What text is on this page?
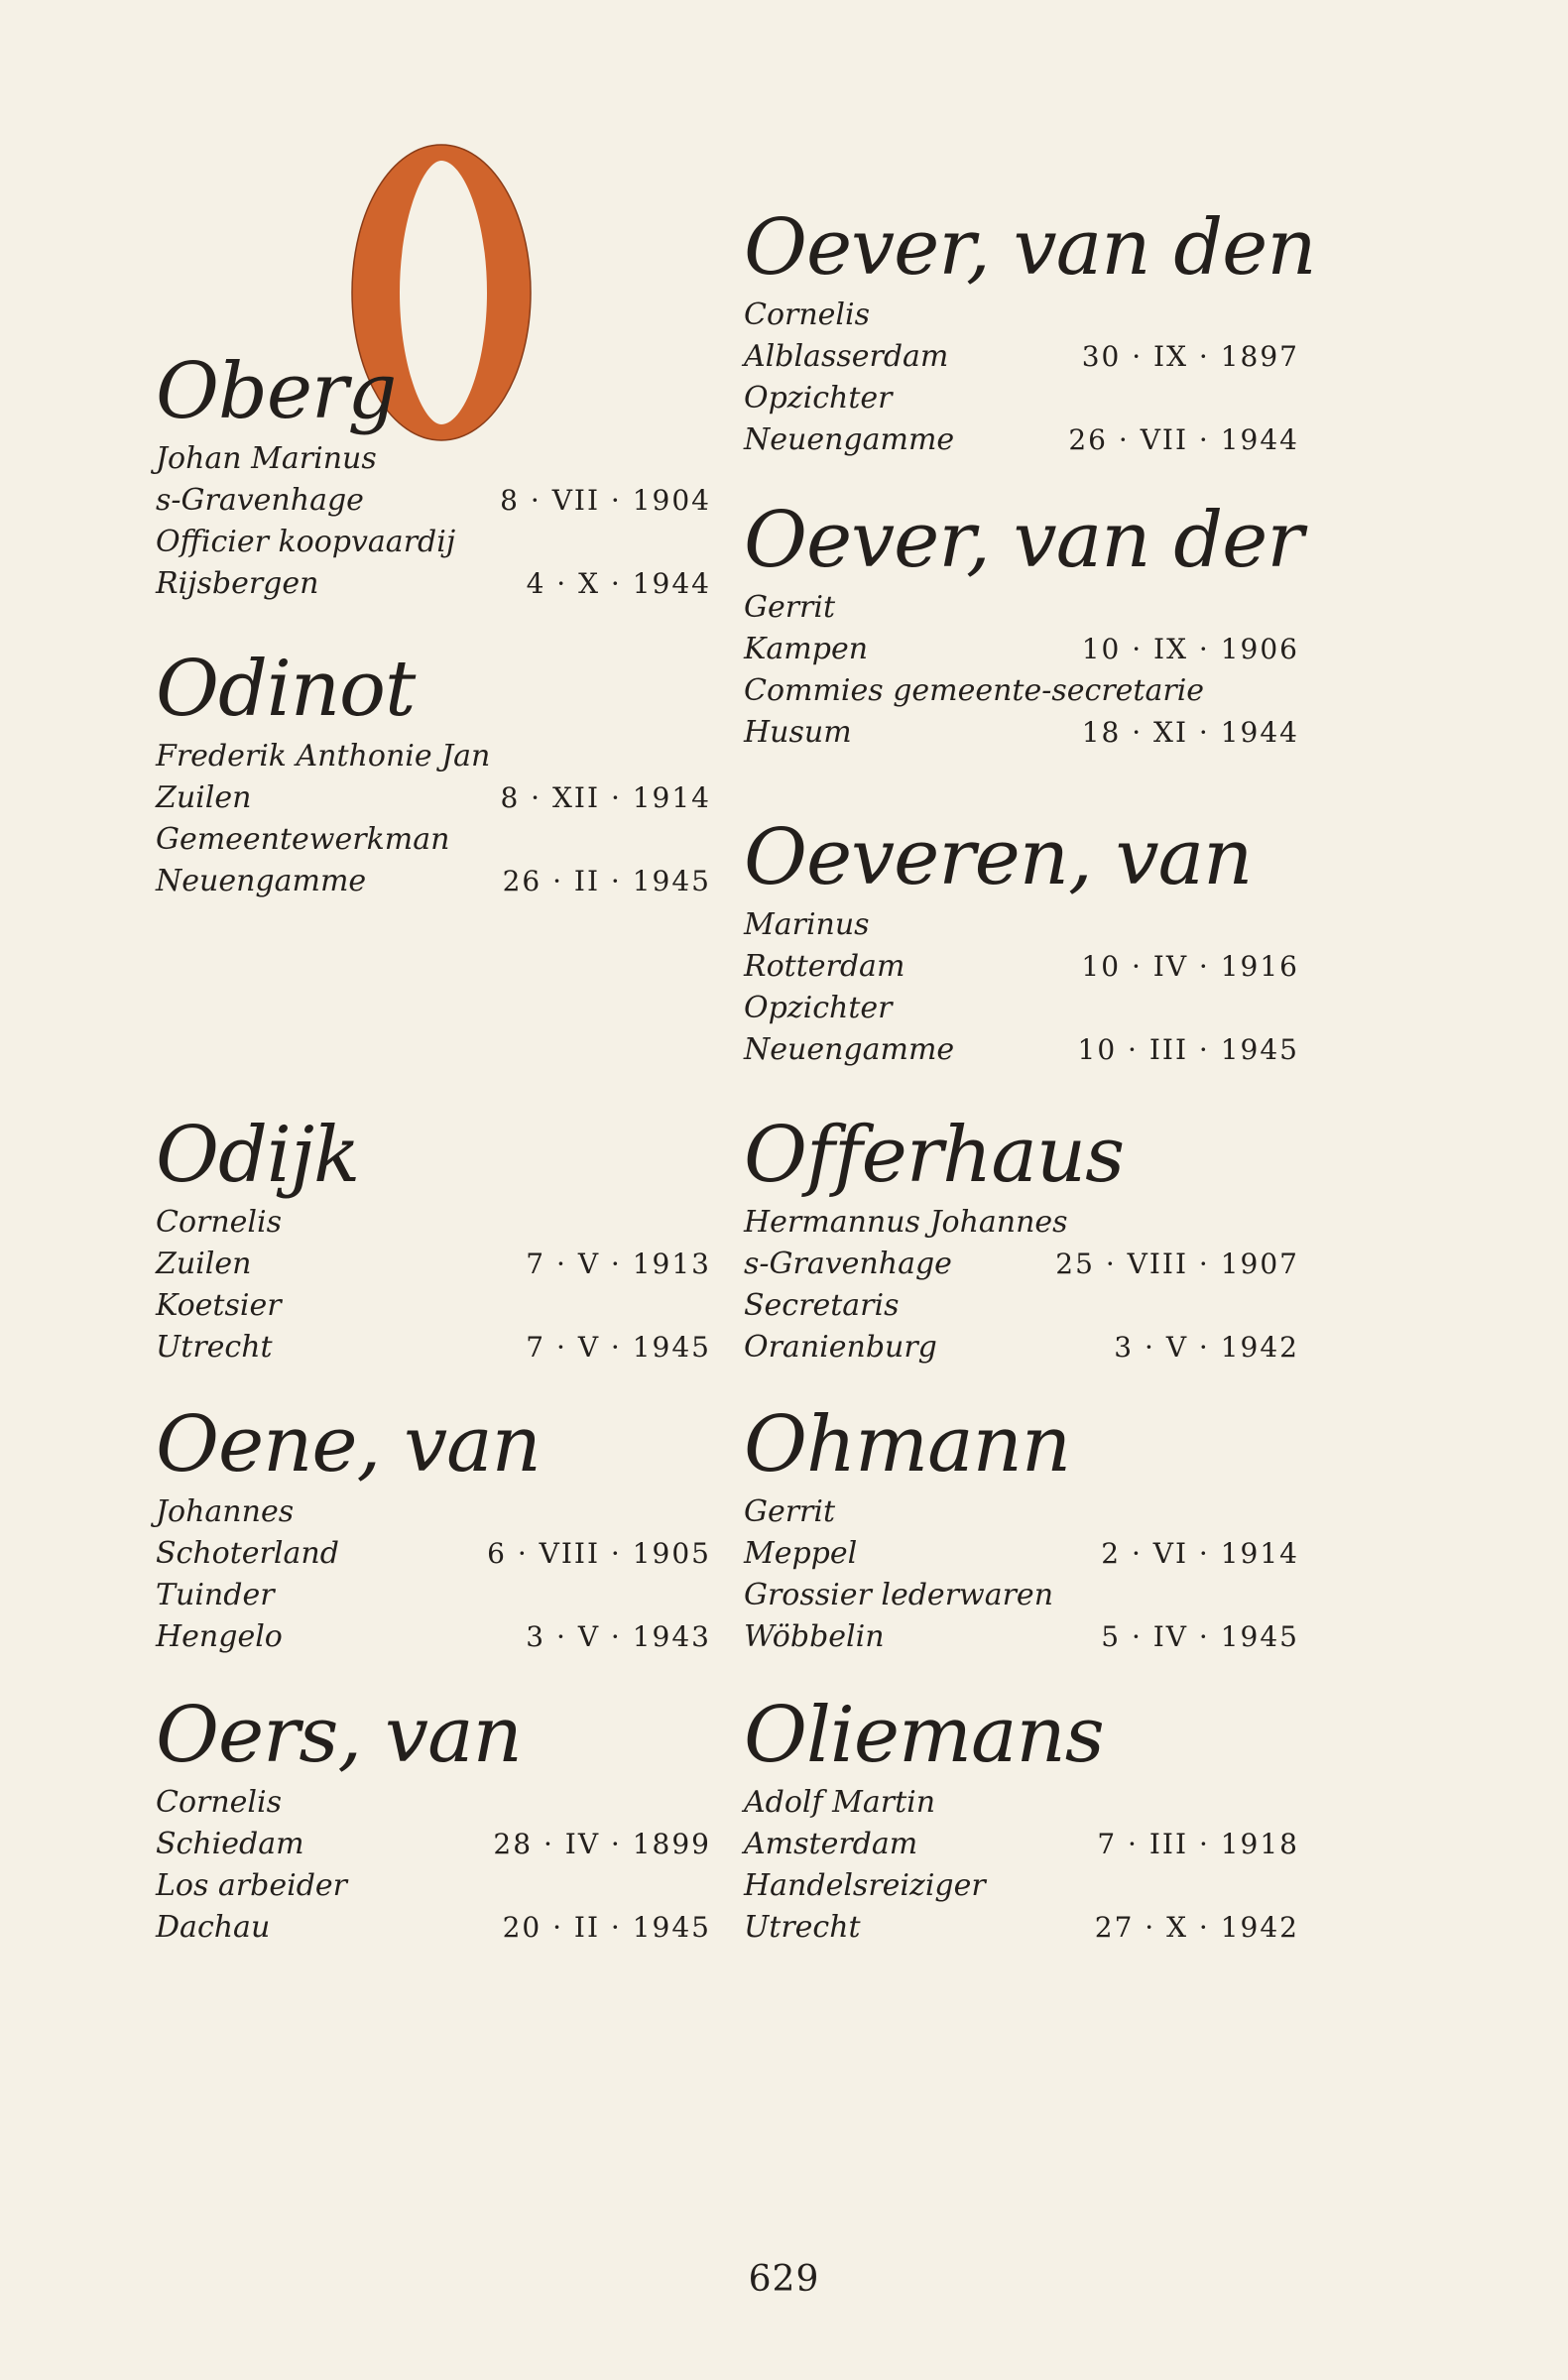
Oberg
Johan Marinus
s-Gravenhage	8 · VII · 1904
Officier koopvaardij
Rijsbergen	4 · X · 1944
Odinot
Frederik Anthonie Jan
Zuilen	8 · XII · 1914
Gemeentewerkman
Neuengamme	26 · II · 1945
Odijk
Cornelis
Zuilen	7 · V · 1913
Koetsier
Utrecht	7 · V · 1945
Oene, van
Johannes
Schoterland	6 · VIII · 1905
Tuinder
Hengelo	3 · V · 1943
Oers, van
Cornelis
Schiedam	28 · IV · 1899
Los arbeider
Dachau	20 · II · 1945
Oever, van den
Cornelis
Alblasserdam	30 · IX · 1897
Opzichter
Neuengamme	26 · VII · 1944
Oever, van der
Gerrit
Kampen	10 · IX · 1906
Commies gemeente-secretarie
Husum	18 · XI · 1944
Oeveren, van
Marinus
Rotterdam	10 · IV · 1916
Opzichter
Neuengamme	10 · III · 1945
Offerhaus
Hermannus Johannes
s-Gravenhage	25 · VIII · 1907
Secretaris
Oranienburg	3 · V · 1942
Ohmann
Gerrit
Meppel	2 · VI · 1914
Grossier lederwaren
Wöbbelin	5 · IV · 1945
Oliemans
Adolf Martin
Amsterdam	7 · III · 1918
Handelsreiziger
Utrecht	27 · X · 1942
629
